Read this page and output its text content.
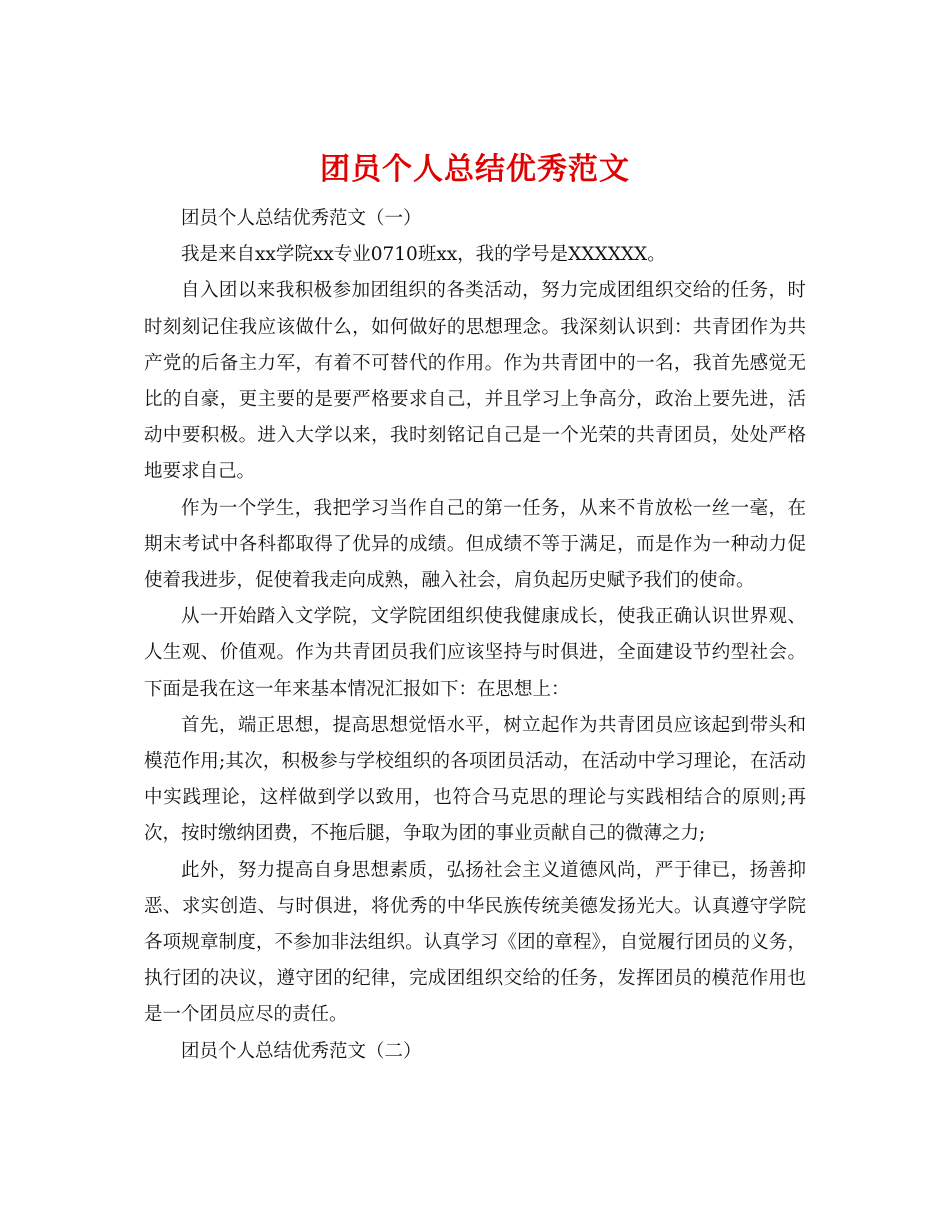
团员个人总结优秀范文

团员个人总结优秀范文（一）

我是来自xx学院xx专业0710班xx，我的学号是XXXXXX。

自入团以来我积极参加团组织的各类活动，努力完成团组织交给的任务，时时刻刻记住我应该做什么，如何做好的思想理念。我深刻认识到：共青团作为共产党的后备主力军，有着不可替代的作用。作为共青团中的一名，我首先感觉无比的自豪，更主要的是要严格要求自己，并且学习上争高分，政治上要先进，活动中要积极。进入大学以来，我时刻铭记自己是一个光荣的共青团员，处处严格地要求自己。

作为一个学生，我把学习当作自己的第一任务，从来不肯放松一丝一毫，在期末考试中各科都取得了优异的成绩。但成绩不等于满足，而是作为一种动力促使着我进步，促使着我走向成熟，融入社会，肩负起历史赋予我们的使命。

从一开始踏入文学院，文学院团组织使我健康成长，使我正确认识世界观、人生观、价值观。作为共青团员我们应该坚持与时俱进，全面建设节约型社会。下面是我在这一年来基本情况汇报如下：在思想上：

首先，端正思想，提高思想觉悟水平，树立起作为共青团员应该起到带头和模范作用;其次，积极参与学校组织的各项团员活动，在活动中学习理论，在活动中实践理论，这样做到学以致用，也符合马克思的理论与实践相结合的原则;再次，按时缴纳团费，不拖后腿，争取为团的事业贡献自己的微薄之力;

此外，努力提高自身思想素质，弘扬社会主义道德风尚，严于律已，扬善抑恶、求实创造、与时俱进，将优秀的中华民族传统美德发扬光大。认真遵守学院各项规章制度，不参加非法组织。认真学习《团的章程》，自觉履行团员的义务，执行团的决议，遵守团的纪律，完成团组织交给的任务，发挥团员的模范作用也是一个团员应尽的责任。

团员个人总结优秀范文（二）
